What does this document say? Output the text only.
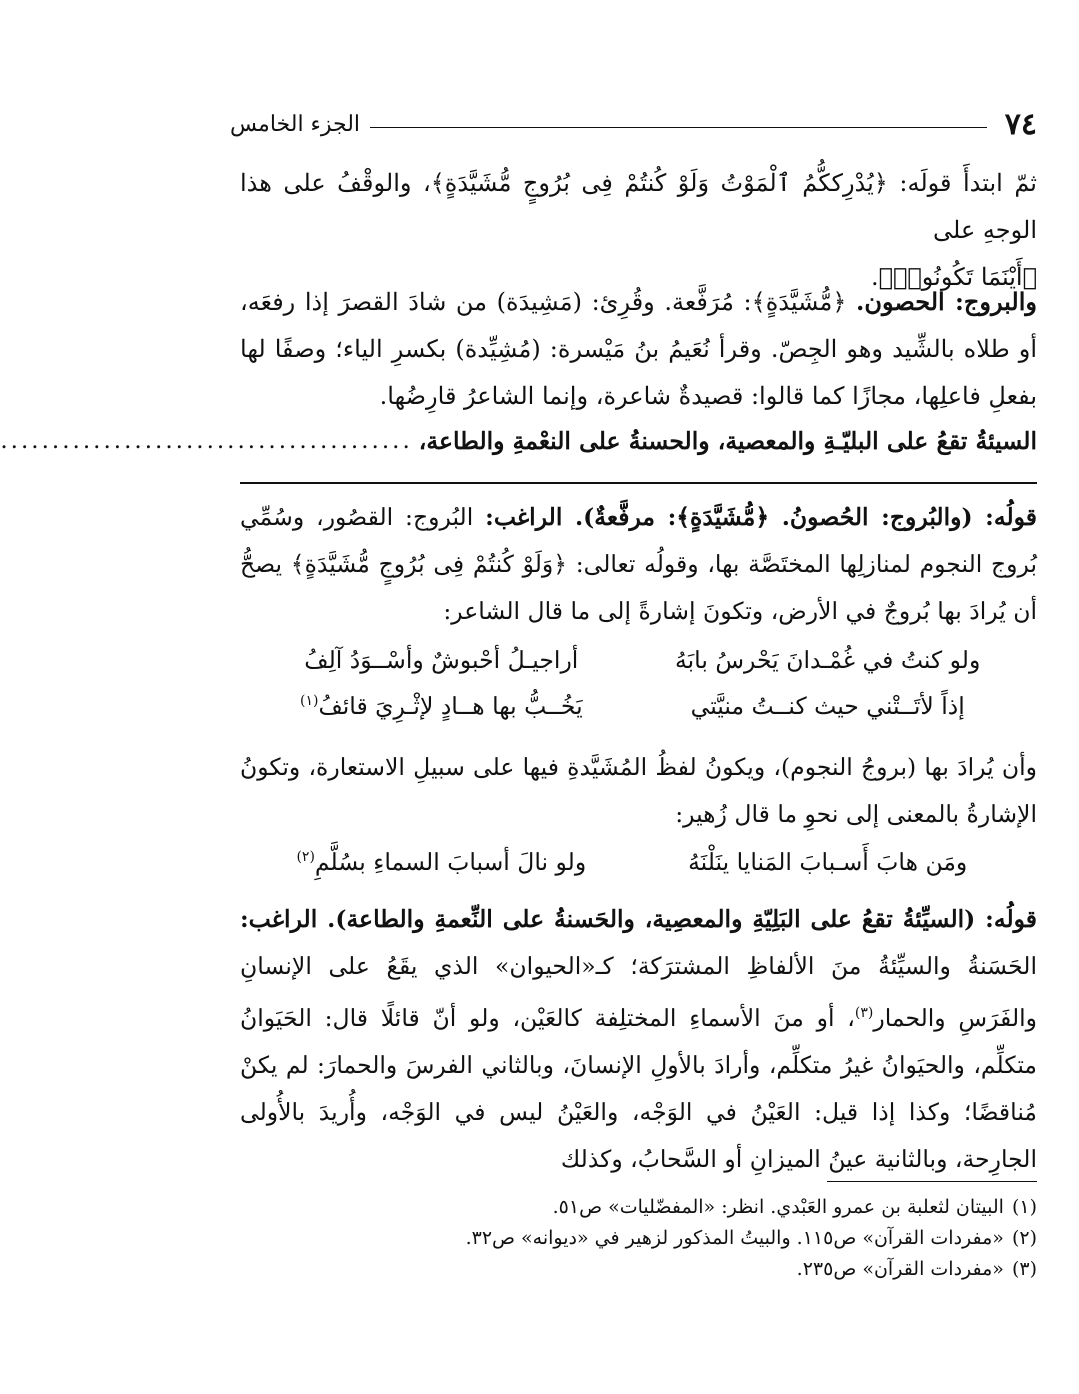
٧٤
الجزء الخامس

ثمّ ابتدأَ قولَه: ﴿يُدْرِككُّمُ ٱلْمَوْتُ وَلَوْ كُنتُمْ فِى بُرُوجٍ مُّشَيَّدَةٍ﴾، والوقْفُ على هذا الوجهِ على

﴿أَيْنَمَا تَكُونُوا۟﴾.

والبروج: الحصون. ﴿مُّشَيَّدَةٍ﴾: مُرَفَّعة. وقُرِئ: (مَشِيدَة) من شادَ القصرَ إذا رفعَه، أو طلاه بالشِّيد وهو الجِصّ. وقرأ نُعَيمُ بنُ مَيْسرة: (مُشِيِّدة) بكسرِ الياء؛ وصفًا لها بفعلِ فاعلِها، مجازًا كما قالوا: قصيدةٌ شاعرة، وإنما الشاعرُ قارِضُها.

السيئةُ تقعُ على البليّـةِ والمعصية، والحسنةُ على النعْمةِ والطاعة،
........................................

قولُه: (والبُروج: الحُصونُ. ﴿مُّشَيَّدَةٍ﴾: مرفَّعةٌ). الراغب: البُروج: القصُور، وسُمِّي بُروج النجوم لمنازلِها المختَصَّة بها، وقولُه تعالى: ﴿وَلَوْ كُنتُمْ فِى بُرُوجٍ مُّشَيَّدَةٍ﴾ يصحُّ أن يُرادَ بها بُروجٌ في الأرض، وتكونَ إشارةً إلى ما قال الشاعر:

ولو كنتُ في غُمْـدانَ يَحْرسُ بابَهُ
أراجيـلُ أحْبوشٌ وأسْــوَدُ آلِفُ
إذاً لأتَــتْني حيث كنــتُ منيَّتي
يَخُــبُّ بها هــادٍ لإثْـرِيَ قائفُ$^{(١)}$

وأن يُرادَ بها (بروجُ النجوم)، ويكونُ لفظُ المُشَيَّدةِ فيها على سبيلِ الاستعارة، وتكونُ الإشارةُ بالمعنى إلى نحوِ ما قال زُهير:

ومَن هابَ أَسـبابَ المَنايا ينَلْنَهُ
ولو نالَ أسبابَ السماءِ بسُلَّمِ$^{(٢)}$

قولُه: (السيِّئةُ تقعُ على البَلِيّةِ والمعصِية، والحَسنةُ على النِّعمةِ والطاعة). الراغب: الحَسَنةُ والسيِّئةُ منَ الألفاظِ المشترَكة؛ كـ«الحيوان» الذي يقَعُ على الإنسانِ والفَرَسِ والحمار$^{(٣)}$، أو منَ الأسماءِ المختلِفة كالعَيْن، ولو أنّ قائلًا قال: الحَيَوانُ متكلِّم، والحيَوانُ غيرُ متكلِّم، وأرادَ بالأولِ الإنسانَ، وبالثاني الفرسَ والحمارَ: لم يكنْ مُناقضًا؛ وكذا إذا قيل: العَيْنُ في الوَجْه، والعَيْنُ ليس في الوَجْه، وأُريدَ بالأُولى الجارِحة، وبالثانية عينُ الميزانِ أو السَّحابُ، وكذلك

(١)البيتان لثعلبة بن عمرو العَبْدي. انظر: «المفضّليات» ص٥١.

(٢)«مفردات القرآن» ص١١٥. والبيتُ المذكور لزهير في «ديوانه» ص٣٢.

(٣)«مفردات القرآن» ص٢٣٥.
